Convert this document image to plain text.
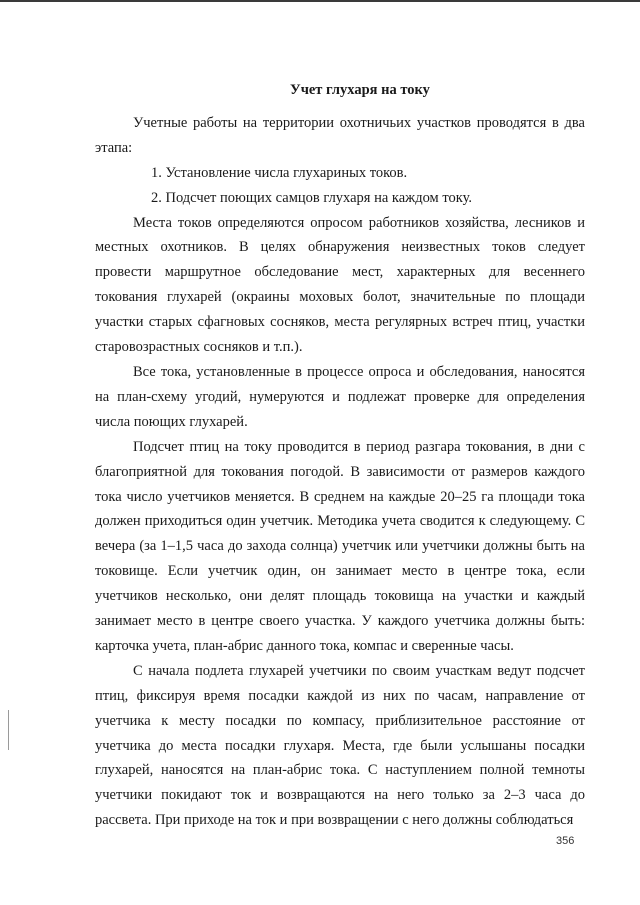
Учет глухаря на току

Учетные работы на территории охотничьих участков проводятся в два этапа:

1. Установление числа глухариных токов.
2. Подсчет поющих самцов глухаря на каждом току.

Места токов определяются опросом работников хозяйства, лесников и местных охотников. В целях обнаружения неизвестных токов следует провести маршрутное обследование мест, характерных для весеннего токования глухарей (окраины моховых болот, значительные по площади участки старых сфагновых сосняков, места регулярных встреч птиц, участки старовозрастных сосняков и т.п.).

Все тока, установленные в процессе опроса и обследования, наносятся на план-схему угодий, нумеруются и подлежат проверке для определения числа поющих глухарей.

Подсчет птиц на току проводится в период разгара токования, в дни с благоприятной для токования погодой. В зависимости от размеров каждого тока число учетчиков меняется. В среднем на каждые 20–25 га площади тока должен приходиться один учетчик. Методика учета сводится к следующему. С вечера (за 1–1,5 часа до захода солнца) учетчик или учетчики должны быть на токовище. Если учетчик один, он занимает место в центре тока, если учетчиков несколько, они делят площадь токовища на участки и каждый занимает место в центре своего участка. У каждого учетчика должны быть: карточка учета, план-абрис данного тока, компас и сверенные часы.

С начала подлета глухарей учетчики по своим участкам ведут подсчет птиц, фиксируя время посадки каждой из них по часам, направление от учетчика к месту посадки по компасу, приблизительное расстояние от учетчика до места посадки глухаря. Места, где были услышаны посадки глухарей, наносятся на план-абрис тока. С наступлением полной темноты учетчики покидают ток и возвращаются на него только за 2–3 часа до рассвета. При приходе на ток и при возвращении с него должны соблюдаться

356
